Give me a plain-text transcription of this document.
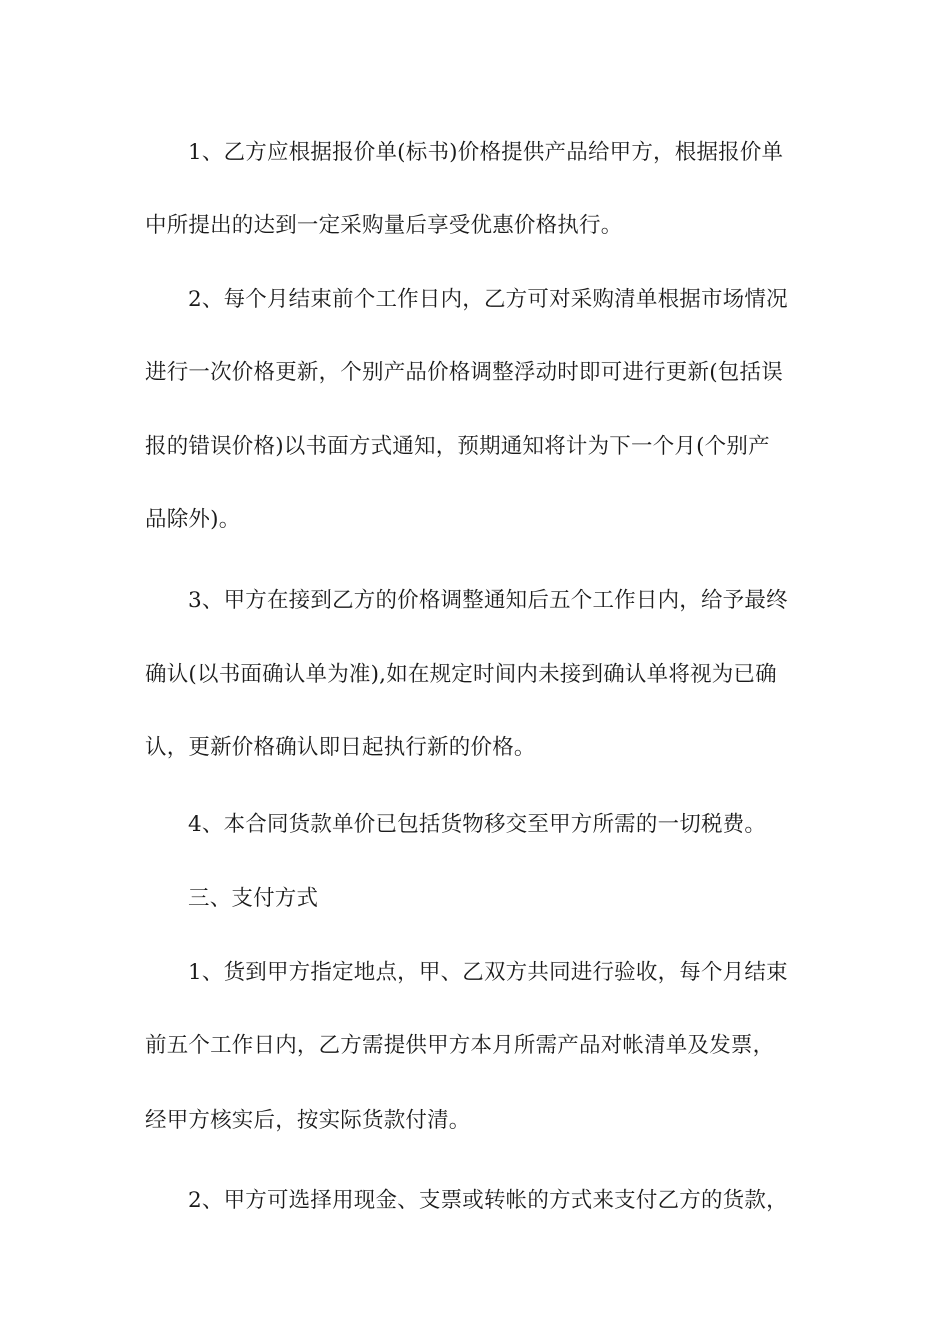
1、乙方应根据报价单(标书)价格提供产品给甲方，根据报价单
中所提出的达到一定采购量后享受优惠价格执行。
2、每个月结束前个工作日内，乙方可对采购清单根据市场情况
进行一次价格更新，个别产品价格调整浮动时即可进行更新(包括误
报的错误价格)以书面方式通知，预期通知将计为下一个月(个别产
品除外)。
3、甲方在接到乙方的价格调整通知后五个工作日内，给予最终
确认(以书面确认单为准),如在规定时间内未接到确认单将视为已确
认，更新价格确认即日起执行新的价格。
4、本合同货款单价已包括货物移交至甲方所需的一切税费。
三、支付方式
1、货到甲方指定地点，甲、乙双方共同进行验收，每个月结束
前五个工作日内，乙方需提供甲方本月所需产品对帐清单及发票，
经甲方核实后，按实际货款付清。
2、甲方可选择用现金、支票或转帐的方式来支付乙方的货款，
